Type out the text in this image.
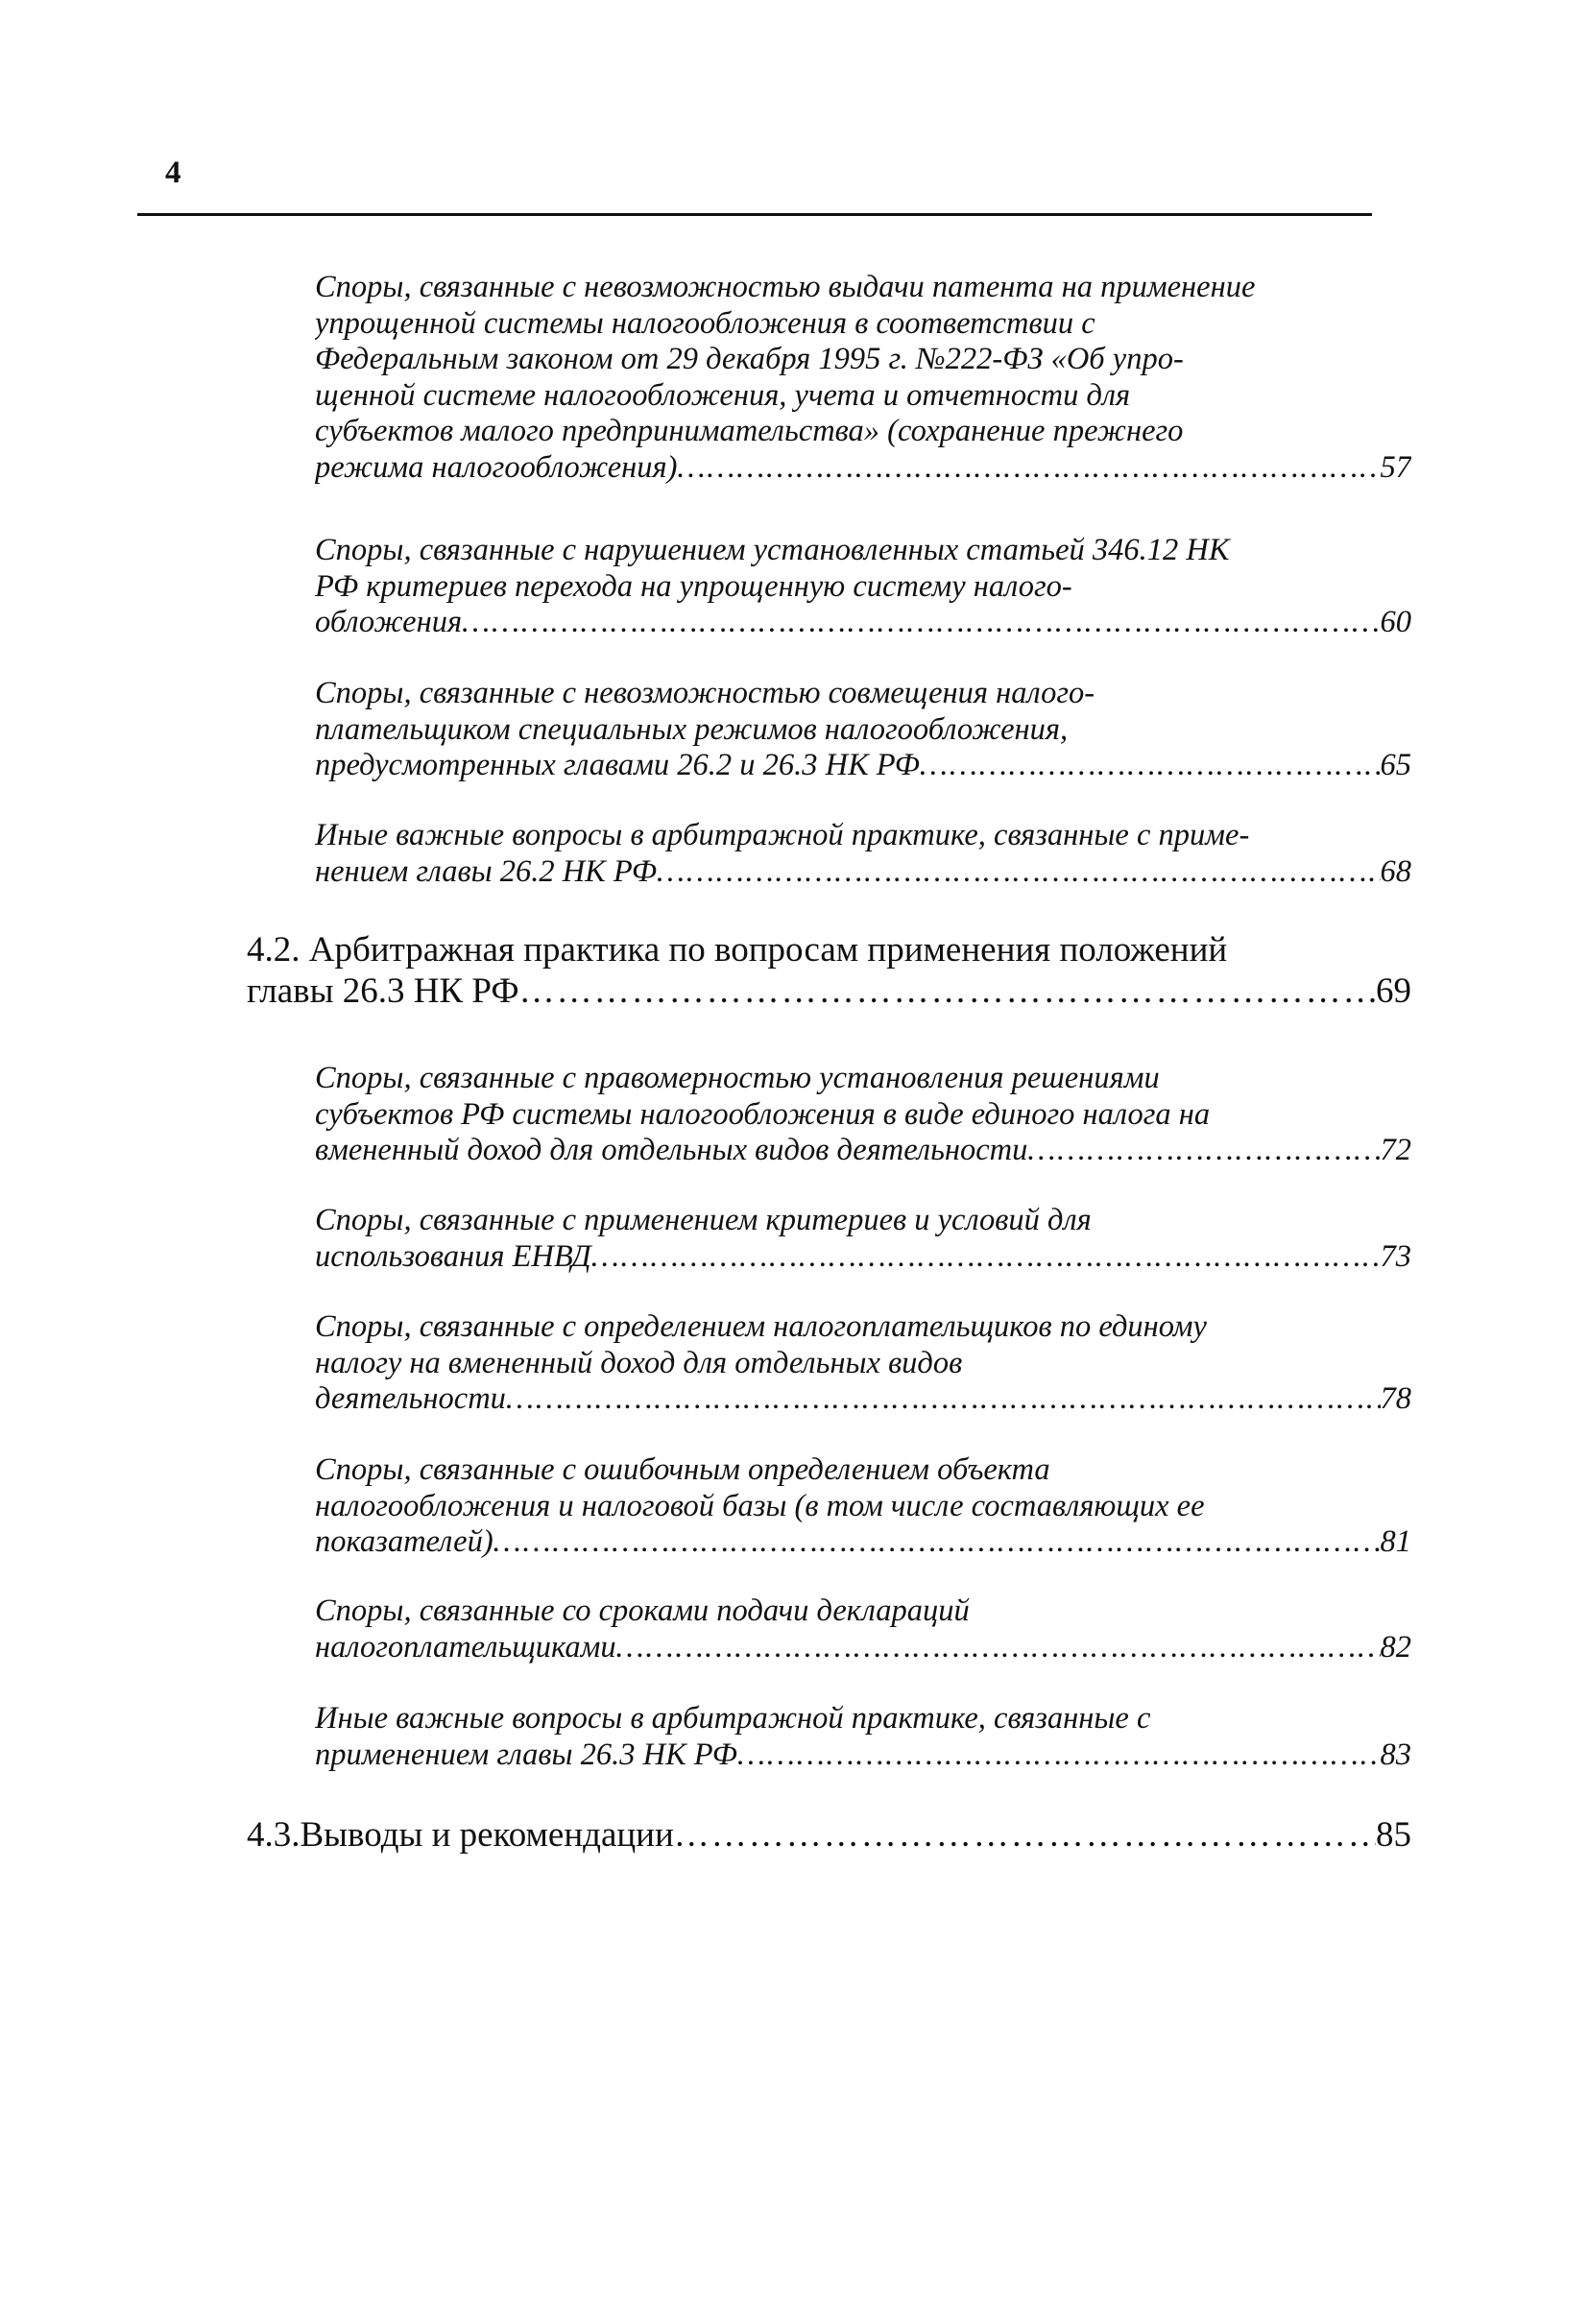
4
Споры, связанные с невозможностью выдачи патента на применение
упрощенной системы налогообложения в соответствии с
Федеральным законом от 29 декабря 1995 г. №222-ФЗ «Об упро-
щенной системе налогообложения, учета и отчетности для
субъектов малого предпринимательства» (сохранение прежнего
режима налогообложения) ………………………………………………………………………………………………………………………………………………………………………………………………………………………………………………………………………	57
Споры, связанные с нарушением установленных статьей 346.12 НК
РФ критериев перехода на упрощенную систему налого-
обложения ………………………………………………………………………………………………………………………………………………………………………………………………………………………………………………………………………	60
Споры, связанные с невозможностью совмещения налого-
плательщиком специальных режимов налогообложения,
предусмотренных главами 26.2 и 26.3 НК РФ ………………………………………………………………………………………………………………………………………………………………………………………………………………………………………………………………………	65
Иные важные вопросы в арбитражной практике, связанные с приме-
нением главы 26.2 НК РФ ………………………………………………………………………………………………………………………………………………………………………………………………………………………………………………………………………	68
4.2. Арбитражная практика по вопросам применения положений
главы 26.3 НК РФ ………………………………………………………………………………………………………………………………………………………………………………………………………………………………………………………………………	69
Споры, связанные с правомерностью установления решениями
субъектов РФ системы налогообложения в виде единого налога на
вмененный доход для отдельных видов деятельности ………………………………………………………………………………………………………………………………………………………………………………………………………………………………………………………………………	72
Споры, связанные с применением критериев и условий для
использования ЕНВД ………………………………………………………………………………………………………………………………………………………………………………………………………………………………………………………………………	73
Споры, связанные с определением налогоплательщиков по единому
налогу на вмененный доход для отдельных видов
деятельности ………………………………………………………………………………………………………………………………………………………………………………………………………………………………………………………………………	78
Споры, связанные с ошибочным определением объекта
налогообложения и налоговой базы (в том числе составляющих ее
показателей) ………………………………………………………………………………………………………………………………………………………………………………………………………………………………………………………………………	81
Споры, связанные со сроками подачи деклараций
налогоплательщиками ………………………………………………………………………………………………………………………………………………………………………………………………………………………………………………………………………	82
Иные важные вопросы в арбитражной практике, связанные с
применением главы 26.3 НК РФ ………………………………………………………………………………………………………………………………………………………………………………………………………………………………………………………………………	83
4.3.Выводы и рекомендации ………………………………………………………………………………………………………………………………………………………………………………………………………………………………………………………………………	85
